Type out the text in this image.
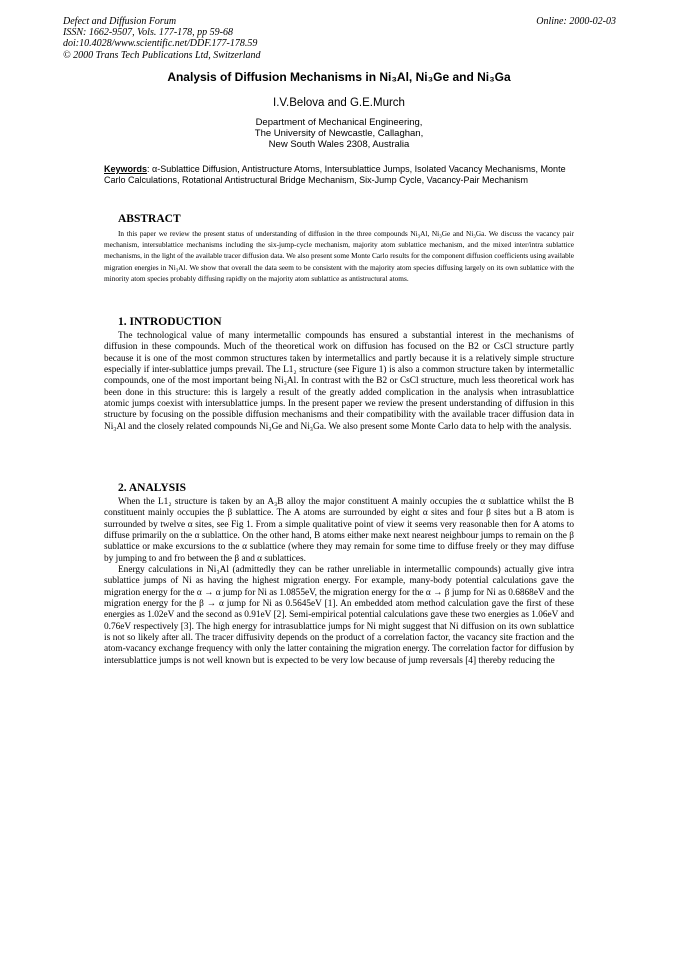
Defect and Diffusion Forum
ISSN: 1662-9507, Vols. 177-178, pp 59-68
doi:10.4028/www.scientific.net/DDF.177-178.59
© 2000 Trans Tech Publications Ltd, Switzerland
Online: 2000-02-03
Analysis of Diffusion Mechanisms in Ni₃Al, Ni₃Ge and Ni₃Ga
I.V.Belova and G.E.Murch
Department of Mechanical Engineering,
The University of Newcastle, Callaghan,
New South Wales 2308, Australia
Keywords: α-Sublattice Diffusion, Antistructure Atoms, Intersublattice Jumps, Isolated Vacancy Mechanisms, Monte Carlo Calculations, Rotational Antistructural Bridge Mechanism, Six-Jump Cycle, Vacancy-Pair Mechanism
ABSTRACT

In this paper we review the present status of understanding of diffusion in the three compounds Ni₃Al, Ni₃Ge and Ni₃Ga. We discuss the vacancy pair mechanism, intersublattice mechanisms including the six-jump-cycle mechanism, majority atom sublattice mechanism, and the mixed inter/intra sublattice mechanisms, in the light of the available tracer diffusion data. We also present some Monte Carlo results for the component diffusion coefficients using available migration energies in Ni₃Al. We show that overall the data seem to be consistent with the majority atom species diffusing largely on its own sublattice with the minority atom species probably diffusing rapidly on the majority atom sublattice as antistructural atoms.

1. INTRODUCTION

The technological value of many intermetallic compounds has ensured a substantial interest in the mechanisms of diffusion in these compounds. Much of the theoretical work on diffusion has focused on the B2 or CsCl structure partly because it is one of the most common structures taken by intermetallics and partly because it is a relatively simple structure especially if inter-sublattice jumps prevail. The L1₂ structure (see Figure 1) is also a common structure taken by intermetallic compounds, one of the most important being Ni₃Al. In contrast with the B2 or CsCl structure, much less theoretical work has been done in this structure: this is largely a result of the greatly added complication in the analysis when intrasublattice atomic jumps coexist with intersublattice jumps. In the present paper we review the present understanding of diffusion in this structure by focusing on the possible diffusion mechanisms and their compatibility with the available tracer diffusion data in Ni₃Al and the closely related compounds Ni₃Ge and Ni₃Ga. We also present some Monte Carlo data to help with the analysis.

2. ANALYSIS

When the L1₂ structure is taken by an A₃B alloy the major constituent A mainly occupies the α sublattice whilst the B constituent mainly occupies the β sublattice. The A atoms are surrounded by eight α sites and four β sites but a B atom is surrounded by twelve α sites, see Fig 1. From a simple qualitative point of view it seems very reasonable then for A atoms to diffuse primarily on the α sublattice. On the other hand, B atoms either make next nearest neighbour jumps to remain on the β sublattice or make excursions to the α sublattice (where they may remain for some time to diffuse freely or they may diffuse by jumping to and fro between the β and α sublattices.

Energy calculations in Ni₃Al (admittedly they can be rather unreliable in intermetallic compounds) actually give intra sublattice jumps of Ni as having the highest migration energy. For example, many-body potential calculations gave the migration energy for the α → α jump for Ni as 1.0855eV, the migration energy for the α → β jump for Ni as 0.6868eV and the migration energy for the β → α jump for Ni as 0.5645eV [1]. An embedded atom method calculation gave the first of these energies as 1.02eV and the second as 0.91eV [2]. Semi-empirical potential calculations gave these two energies as 1.06eV and 0.76eV respectively [3]. The high energy for intrasublattice jumps for Ni might suggest that Ni diffusion on its own sublattice is not so likely after all. The tracer diffusivity depends on the product of a correlation factor, the vacancy site fraction and the atom-vacancy exchange frequency with only the latter containing the migration energy. The correlation factor for diffusion by intersublattice jumps is not well known but is expected to be very low because of jump reversals [4] thereby reducing the
